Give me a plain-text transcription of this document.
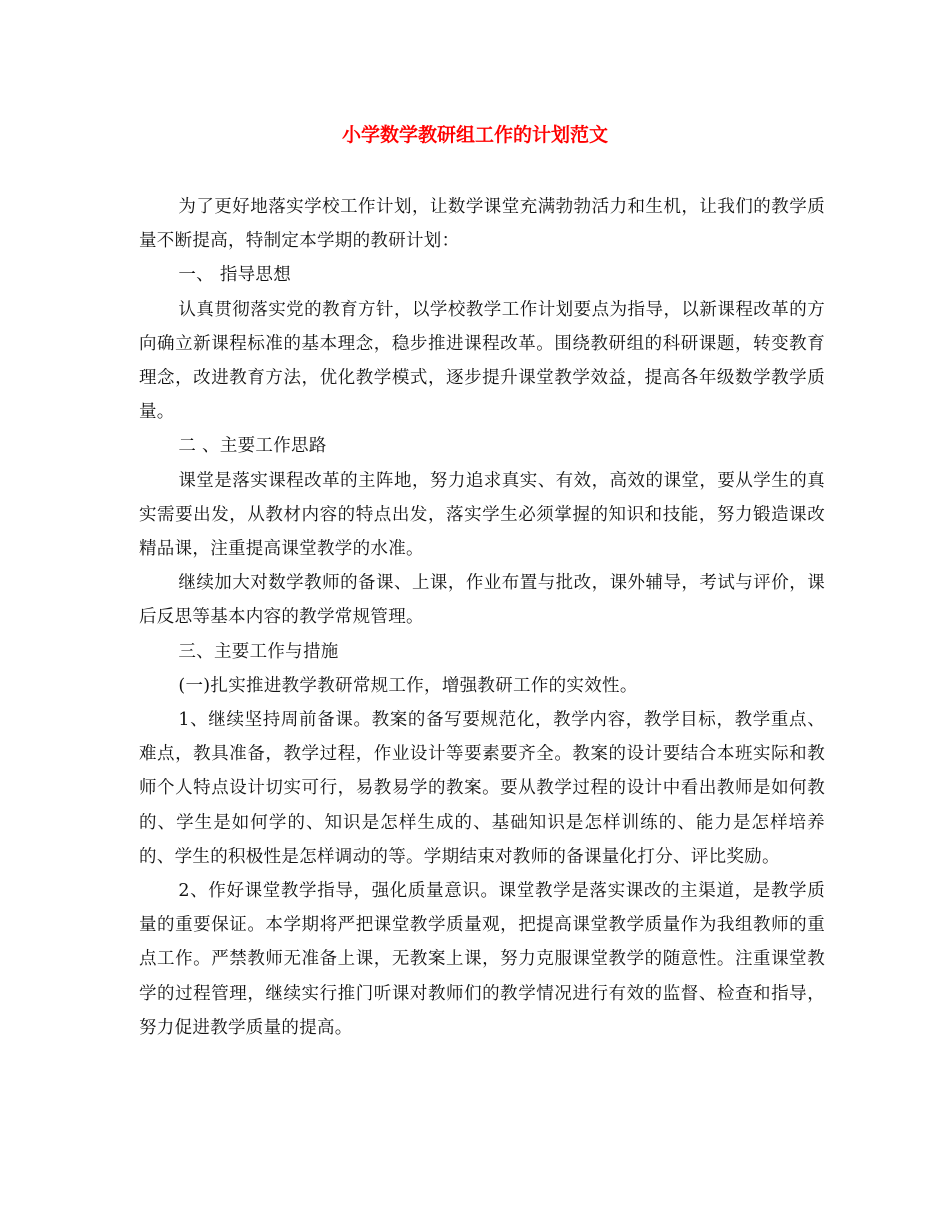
小学数学教研组工作的计划范文

为了更好地落实学校工作计划，让数学课堂充满勃勃活力和生机，让我们的教学质量不断提高，特制定本学期的教研计划：

一、 指导思想

认真贯彻落实党的教育方针，以学校教学工作计划要点为指导，以新课程改革的方向确立新课程标准的基本理念，稳步推进课程改革。围绕教研组的科研课题，转变教育理念，改进教育方法，优化教学模式，逐步提升课堂教学效益，提高各年级数学教学质量。

二 、主要工作思路

课堂是落实课程改革的主阵地，努力追求真实、有效，高效的课堂，要从学生的真实需要出发，从教材内容的特点出发，落实学生必须掌握的知识和技能，努力锻造课改精品课，注重提高课堂教学的水准。

继续加大对数学教师的备课、上课，作业布置与批改，课外辅导，考试与评价，课后反思等基本内容的教学常规管理。

三、主要工作与措施

(一)扎实推进教学教研常规工作，增强教研工作的实效性。

1、继续坚持周前备课。教案的备写要规范化，教学内容，教学目标，教学重点、难点，教具准备，教学过程，作业设计等要素要齐全。教案的设计要结合本班实际和教师个人特点设计切实可行，易教易学的教案。要从教学过程的设计中看出教师是如何教的、学生是如何学的、知识是怎样生成的、基础知识是怎样训练的、能力是怎样培养的、学生的积极性是怎样调动的等。学期结束对教师的备课量化打分、评比奖励。

2、作好课堂教学指导，强化质量意识。课堂教学是落实课改的主渠道，是教学质量的重要保证。本学期将严把课堂教学质量观，把提高课堂教学质量作为我组教师的重点工作。严禁教师无准备上课，无教案上课，努力克服课堂教学的随意性。注重课堂教学的过程管理，继续实行推门听课对教师们的教学情况进行有效的监督、检查和指导，努力促进教学质量的提高。
